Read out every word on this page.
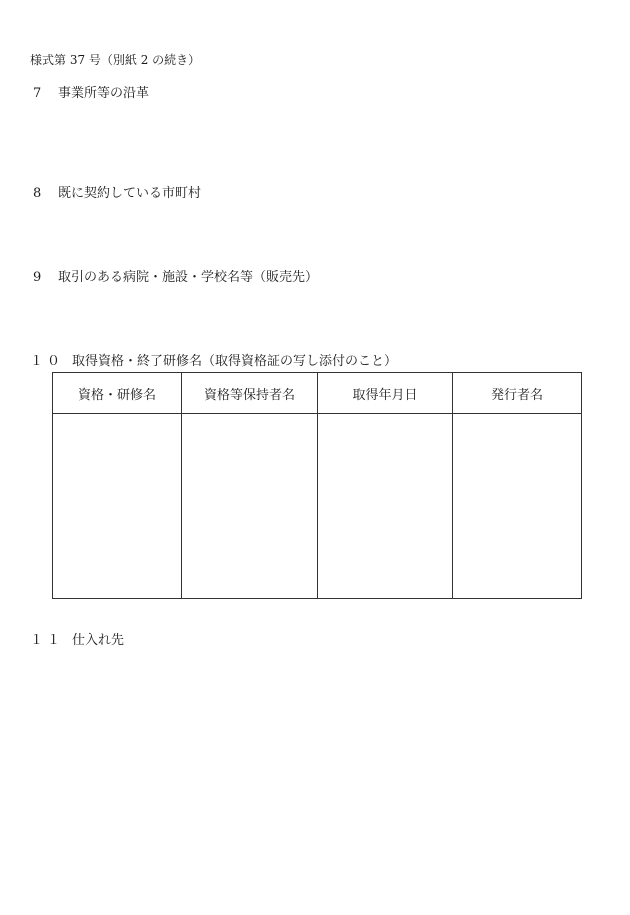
様式第 37 号（別紙 2 の続き）
7 事業所等の沿革
8 既に契約している市町村
9 取引のある病院・施設・学校名等（販売先）
１０ 取得資格・終了研修名（取得資格証の写し添付のこと）
資格・研修名	資格等保持者名	取得年月日	発行者名

１１ 仕入れ先
